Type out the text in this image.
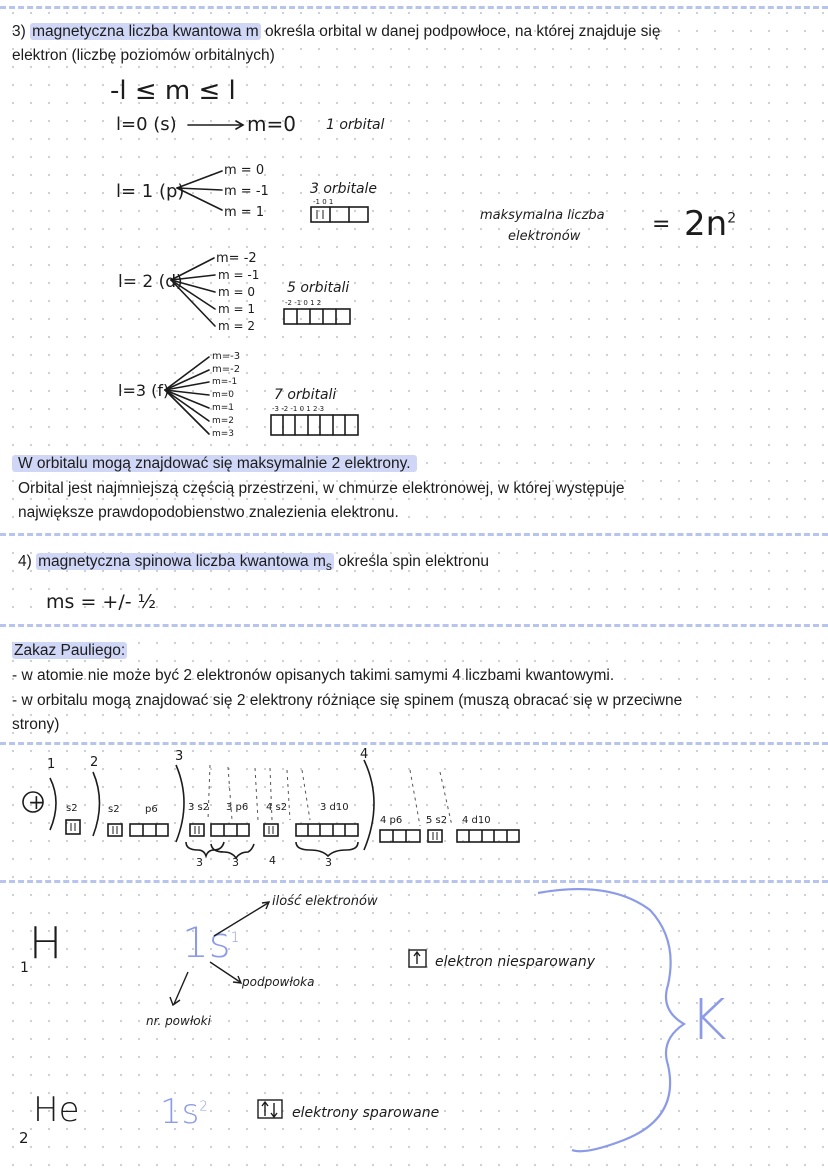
3) magnetyczna liczba kwantowa m określa orbital w danej podpowłoce, na której znajduje się
elektron (liczbę poziomów orbitalnych)
-l ≤ m ≤ l
l=0 (s)	m=0 1 orbital
l= 1 (p)
m = 0
m = -1
m = 1
3 orbitale
-1 0 1
l= 2 (d)
m= -2
m = -1
m = 0
m = 1
m = 2
5 orbitali
-2 -1 0 1 2
l=3 (f)
m=-3
m=-2
m=-1
m=0
m=1
m=2
m=3
7 orbitali
-3 -2 -1 0 1 2 3
maksymalna liczba
elektronów	= $2n^2$
W orbitalu mogą znajdować się maksymalnie 2 elektrony.
Orbital jest najmniejszą częścią przestrzeni, w chmurze elektronowej, w której występuje
największe prawdopodobienstwo znalezienia elektronu.
4) magnetyczna spinowa liczba kwantowa $m_s$ określa spin elektronu
ms = +/- ½
Zakaz Pauliego:
- w atomie nie może być 2 elektronów opisanych takimi samymi 4 liczbami kwantowymi.
- w orbitalu mogą znajdować się 2 elektrony różniące się spinem (muszą obracać się w przeciwne
strony)
+
1	2	3	4
s2	s2	p6	3 s2 3 p6 4 s2	3 d10
4 p6 5 s2 4 d10
3	3	4	3
1 H	$1s^1$
ilość elektronów
podpowłoka
nr. powłoki
elektron niesparowany
2
He $1s^2$	elektrony sparowane
K
